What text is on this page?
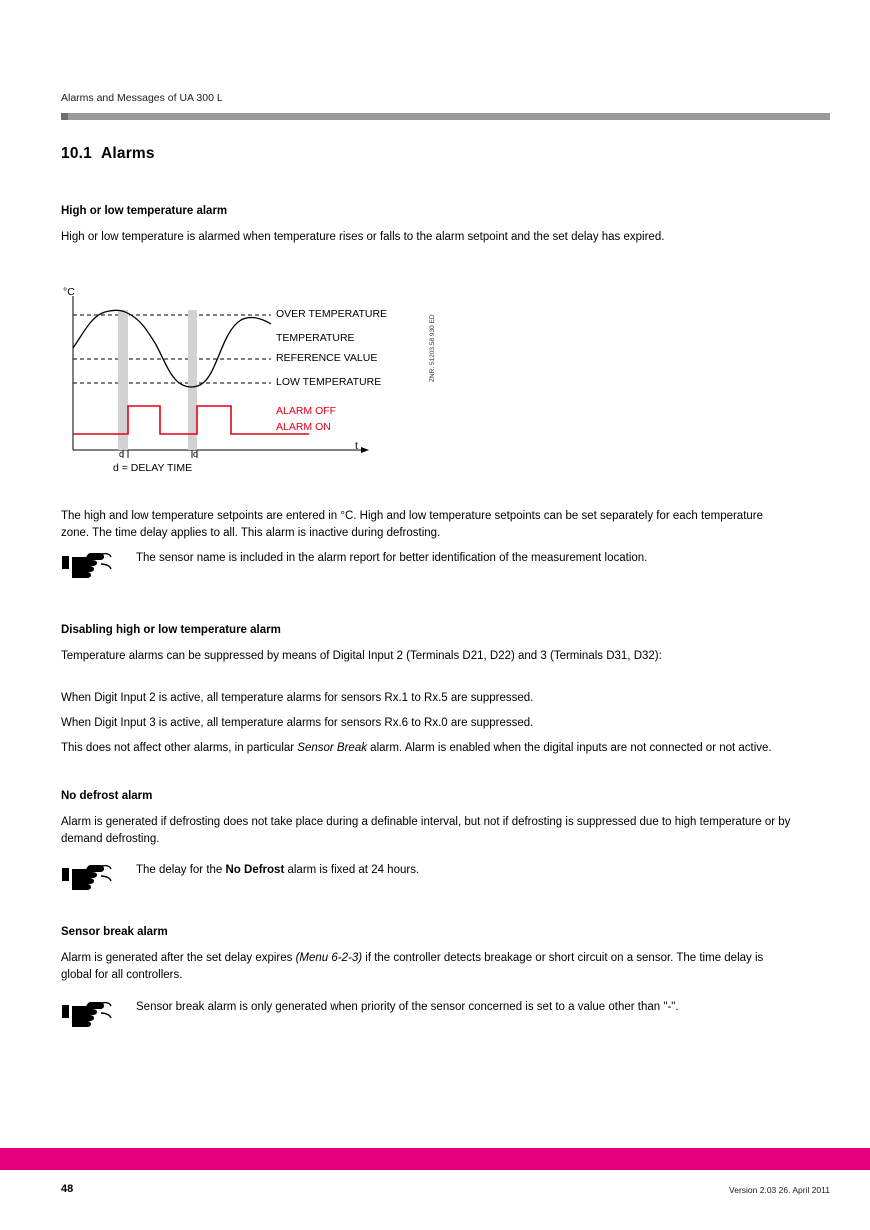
Alarms and Messages of UA 300 L
10.1 Alarms
High or low temperature alarm
High or low temperature is alarmed when temperature rises or falls to the alarm setpoint and the set delay has expired.
°C
t
OVER TEMPERATURE
TEMPERATURE
REFERENCE VALUE
LOW TEMPERATURE
ALARM OFF
ALARM ON
d	d
d = DELAY TIME
ZNR. 51203.58 930 ED
The high and low temperature setpoints are entered in °C. High and low temperature setpoints can be set separately for each temperature zone. The time delay applies to all. This alarm is inactive during defrosting.
The sensor name is included in the alarm report for better identification of the measurement location.
Disabling high or low temperature alarm
Temperature alarms can be suppressed by means of Digital Input 2 (Terminals D21, D22) and 3 (Terminals D31, D32):
When Digit Input 2 is active, all temperature alarms for sensors Rx.1 to Rx.5 are suppressed.
When Digit Input 3 is active, all temperature alarms for sensors Rx.6 to Rx.0 are suppressed.
This does not affect other alarms, in particular Sensor Break alarm. Alarm is enabled when the digital inputs are not connected or not active.
No defrost alarm
Alarm is generated if defrosting does not take place during a definable interval, but not if defrosting is suppressed due to high temperature or by demand defrosting.
The delay for the No Defrost alarm is fixed at 24 hours.
Sensor break alarm
Alarm is generated after the set delay expires (Menu 6-2-3) if the controller detects breakage or short circuit on a sensor. The time delay is global for all controllers.
Sensor break alarm is only generated when priority of the sensor concerned is set to a value other than "-".
48	Version 2.03 26. April 2011
